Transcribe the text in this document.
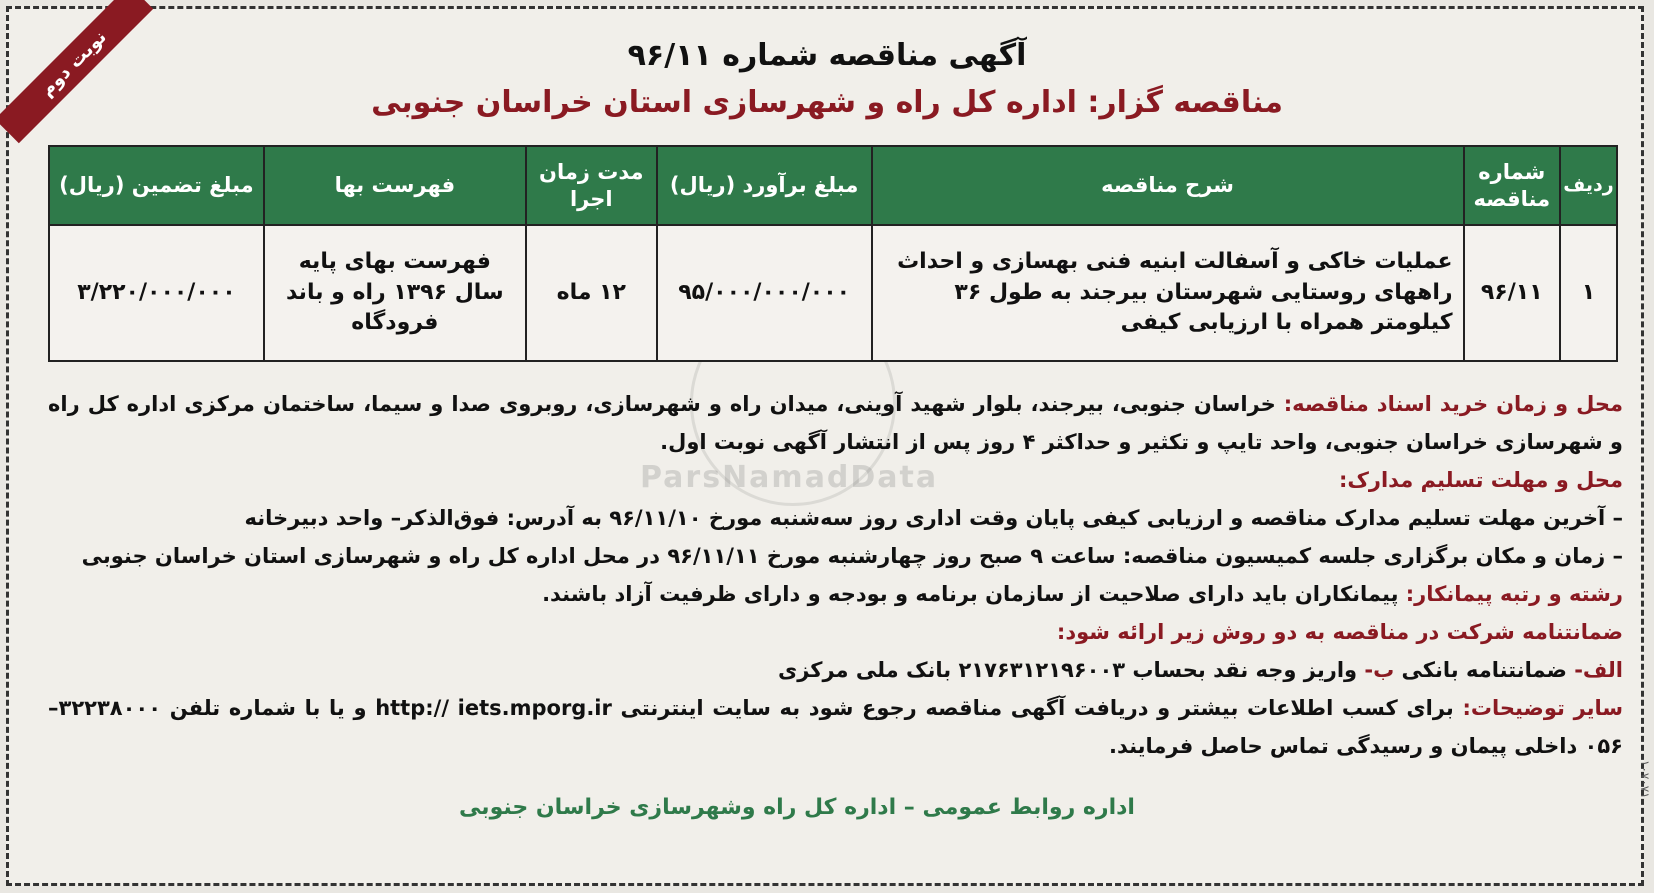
نوبت دوم
ParsNamadData
آگهی مناقصه شماره ۹۶/۱۱
مناقصه گزار: اداره کل راه و شهرسازی استان خراسان جنوبی
ردیف	شماره مناقصه	شرح مناقصه	مبلغ برآورد (ریال)	مدت زمان اجرا	فهرست بها	مبلغ تضمین (ریال)
۱	۹۶/۱۱	عملیات خاکی و آسفالت ابنیه فنی بهسازی و احداث راههای روستایی شهرستان بیرجند به طول ۳۶ کیلومتر همراه با ارزیابی کیفی	۹۵/۰۰۰/۰۰۰/۰۰۰	۱۲ ماه	فهرست بهای پایه سال ۱۳۹۶ راه و باند فرودگاه	۳/۲۲۰/۰۰۰/۰۰۰

محل و زمان خرید اسناد مناقصه: خراسان جنوبی، بیرجند، بلوار شهید آوینی، میدان راه و شهرسازی، روبروی صدا و سیما، ساختمان مرکزی اداره کل راه و شهرسازی خراسان جنوبی، واحد تایپ و تکثیر و حداکثر ۴ روز پس از انتشار آگهی نوبت اول.

محل و مهلت تسلیم مدارک:

– آخرین مهلت تسلیم مدارک مناقصه و ارزیابی کیفی پایان وقت اداری روز سه‌شنبه مورخ ۹۶/۱۱/۱۰ به آدرس: فوق‌الذکر– واحد دبیرخانه

– زمان و مکان برگزاری جلسه کمیسیون مناقصه: ساعت ۹ صبح روز چهارشنبه مورخ ۹۶/۱۱/۱۱ در محل اداره کل راه و شهرسازی استان خراسان جنوبی

رشته و رتبه پیمانکار: پیمانکاران باید دارای صلاحیت از سازمان برنامه و بودجه و دارای ظرفیت آزاد باشند.

ضمانتنامه شرکت در مناقصه به دو روش زیر ارائه شود:

الف- ضمانتنامه بانکی ب- واریز وجه نقد بحساب ۲۱۷۶۳۱۲۱۹۶۰۰۳ بانک ملی مرکزی

سایر توضیحات: برای کسب اطلاعات بیشتر و دریافت آگهی مناقصه رجوع شود به سایت اینترنتی http:// iets.mporg.ir و یا با شماره تلفن ۳۲۲۳۸۰۰۰–۰۵۶ داخلی پیمان و رسیدگی تماس حاصل فرمایند.

اداره روابط عمومی – اداره کل راه وشهرسازی خراسان جنوبی
۱۰۷۰۷۱
